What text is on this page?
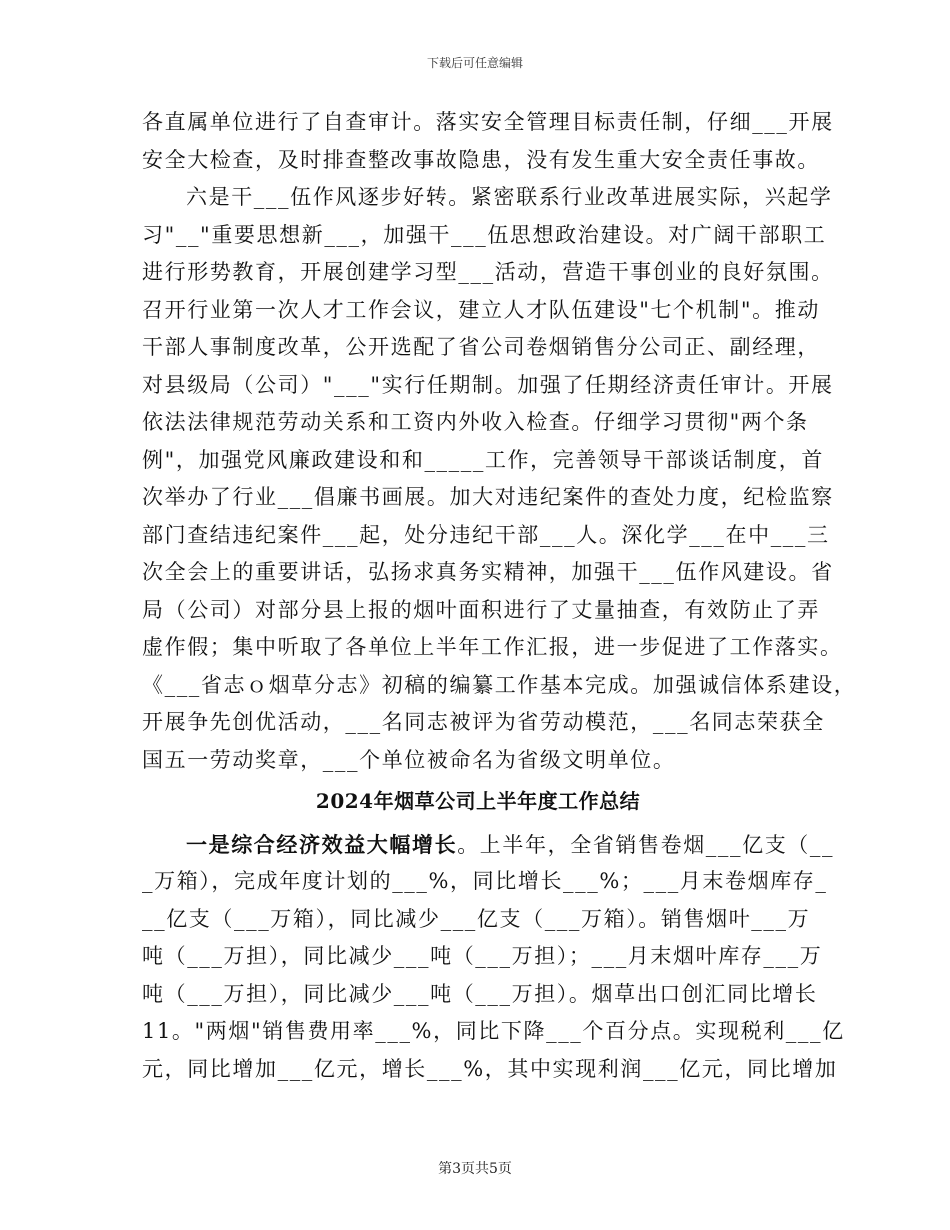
下载后可任意编辑
各直属单位进行了自查审计。落实安全管理目标责任制，仔细___开展
安全大检查，及时排查整改事故隐患，没有发生重大安全责任事故。
六是干___伍作风逐步好转。紧密联系行业改革进展实际，兴起学
习"__"重要思想新___，加强干___伍思想政治建设。对广阔干部职工
进行形势教育，开展创建学习型___活动，营造干事创业的良好氛围。
召开行业第一次人才工作会议，建立人才队伍建设"七个机制"。推动
干部人事制度改革，公开选配了省公司卷烟销售分公司正、副经理，
对县级局（公司）"___"实行任期制。加强了任期经济责任审计。开展
依法法律规范劳动关系和工资内外收入检查。仔细学习贯彻"两个条
例"，加强党风廉政建设和和_____工作，完善领导干部谈话制度，首
次举办了行业___倡廉书画展。加大对违纪案件的查处力度，纪检监察
部门查结违纪案件___起，处分违纪干部___人。深化学___在中___三
次全会上的重要讲话，弘扬求真务实精神，加强干___伍作风建设。省
局（公司）对部分县上报的烟叶面积进行了丈量抽查，有效防止了弄
虚作假；集中听取了各单位上半年工作汇报，进一步促进了工作落实。
《___省志ｏ烟草分志》初稿的编纂工作基本完成。加强诚信体系建设，
开展争先创优活动，___名同志被评为省劳动模范，___名同志荣获全
国五一劳动奖章，___个单位被命名为省级文明单位。
2024年烟草公司上半年度工作总结
一是综合经济效益大幅增长。上半年，全省销售卷烟___亿支（__
_万箱），完成年度计划的___%，同比增长___%；___月末卷烟库存_
__亿支（___万箱），同比减少___亿支（___万箱）。销售烟叶___万
吨（___万担），同比减少___吨（___万担）；___月末烟叶库存___万
吨（___万担），同比减少___吨（___万担）。烟草出口创汇同比增长
11。"两烟"销售费用率___%，同比下降___个百分点。实现税利___亿
元，同比增加___亿元，增长___%，其中实现利润___亿元，同比增加
第3页共5页
